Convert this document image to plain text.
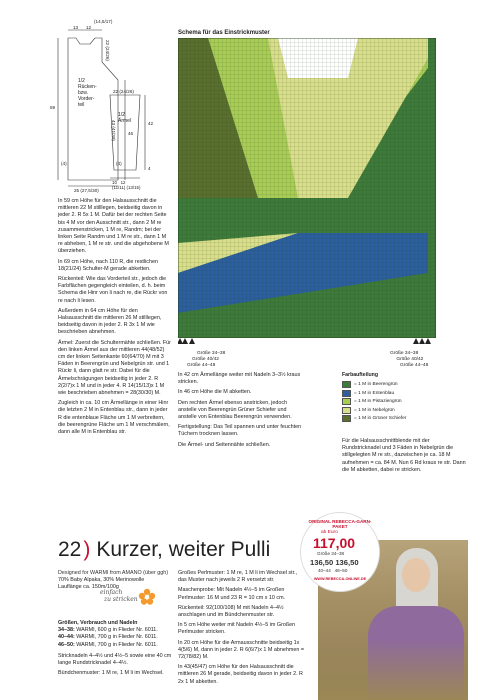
13 12
(14,5/17)
59
22 (24/26)
43 (41/39)
1/2
Rücken-
bzw.
Vorder-
teil
25 (27,5/30)
(4)
22 (24/26)
1/2
Ärmel
46
42
4
10 12
(11/11) (13/15)
(4)

In 59 cm Höhe für den Halsausschnitt die mittleren 22 M stilllegen, beidseitig davon in jeder 2. R 5x 1 M. Dafür bei der rechten Seite bis 4 M vor den Ausschnitt str., dann 2 M re zusammenstricken, 1 M re, Randm; bei der linken Seite Randm und 1 M re str., dann 1 M re abheben, 1 M re str. und die abgehobene M überziehen.

In 69 cm Höhe, nach 110 R, die restlichen 18(21/24) Schulter-M gerade abketten.

Rückenteil: Wie das Vorderteil str., jedoch die Farbflächen gegengleich einteilen, d. h. beim Schema die Hinr von li nach re, die Rückr von re nach li lesen.

Außerdem in 64 cm Höhe für den Halsausschnitt die mittleren 26 M stilllegen, beidseitig davon in jeder 2. R 3x 1 M wie beschrieben abnehmen.

Ärmel: Zuerst die Schultermähte schließen. Für den linken Ärmel aus der mittleren 44(48/52) cm der linken Seitenkante 60(64/70) M mit 3 Fäden in Beerengrün und Nebelgrün str. und 1 Rückr li, dann glatt re str. Dabei für die Ärmelschrägungen beidseitig in jeder 2. R 2(2/7)x 1 M und in jeder 4. R 14(15/13)x 1 M wie beschrieben abnehmen = 28(30/30) M.

Zugleich in ca. 10 cm Ärmellänge in einer Hinr die letzten 2 M in Entenblau str., dann in jeder R die entenblaue Fläche um 1 M verbreitern, die beerengrüne Fläche um 1 M verschmälern, dann alle M in Entenblau str.

Schema für das Einstrickmuster
Größe 34–38
Größe 40/42
Größe 44–48
Größe 34–38
Größe 40/42
Größe 44–48
Farbaufteilung
= 1 M in Beerengrün
= 1 M in Entenblau
= 1 M in Pistaziengrün
= 1 M in Nebelgrün
= 1 M in Grüner Schiefer

In 42 cm Ärmellänge weiter mit Nadeln 3–3½ kraus stricken.

In 46 cm Höhe die M abketten.

Den rechten Ärmel ebenso anstricken, jedoch anstelle von Beerengrün Grüner Schiefer und anstelle von Entenblau Beerengrün verwenden.

Fertigstellung: Das Teil spannen und unter feuchten Tüchern trocknen lassen.

Die Ärmel- und Seitennähte schließen.

Für die Halsausschnittblende mit der Rundstricknadel und 3 Fäden in Nebelgrün die stillgelegten M re str., dazwischen je ca. 18 M aufnehmen = ca. 84 M. Nun 6 Rd kraus re str. Dann die M abketten, dabei re stricken.

22 ) Kurzer, weiter Pulli
Designed for WARMI from AMANO (über ggh)
70% Baby Alpaka, 30% Merinowolle
Lauflänge ca. 150m/100g
einfach
zu stricken
Größen, Verbrauch und Nadeln
34–38: WARMI, 600 g in Flieder Nr. 6011.
40–44: WARMI, 700 g in Flieder Nr. 6011.
46–50: WARMI, 700 g in Flieder Nr. 6011.
Stricknadeln 4–4½ und 4½–5 sowie eine 40 cm lange Rundstricknadel 4–4½.
Bündchenmuster: 1 M re, 1 M li im Wechsel.

Großes Perlmuster: 1 M re, 1 M li im Wechsel str., das Muster nach jeweils 2 R versetzt str.

Maschenprobe: Mit Nadeln 4½–5 im Großen Perlmuster: 16 M und 23 R = 10 cm x 10 cm.

Rückenteil: 92(100/108) M mit Nadeln 4–4½ anschlagen und im Bündchenmuster str.

In 5 cm Höhe weiter mit Nadeln 4½–5 im Großen Perlmuster stricken.

In 20 cm Höhe für die Armausschnitte beidseitig 1x 4(5/6) M, dann in jeder 2. R 6(6/7)x 1 M abnehmen = 72(78/82) M.

In 43(45/47) cm Höhe für den Halsausschnitt die mittleren 26 M gerade, beidseitig davon in jeder 2. R 2x 1 M abketten.

ORIGINAL REBECCA-GARN-PAKET
ab Euro
117,00
Größe 34–38
136,50 136,50
40–44   46–50
WWW.REBECCA-ONLINE.DE
